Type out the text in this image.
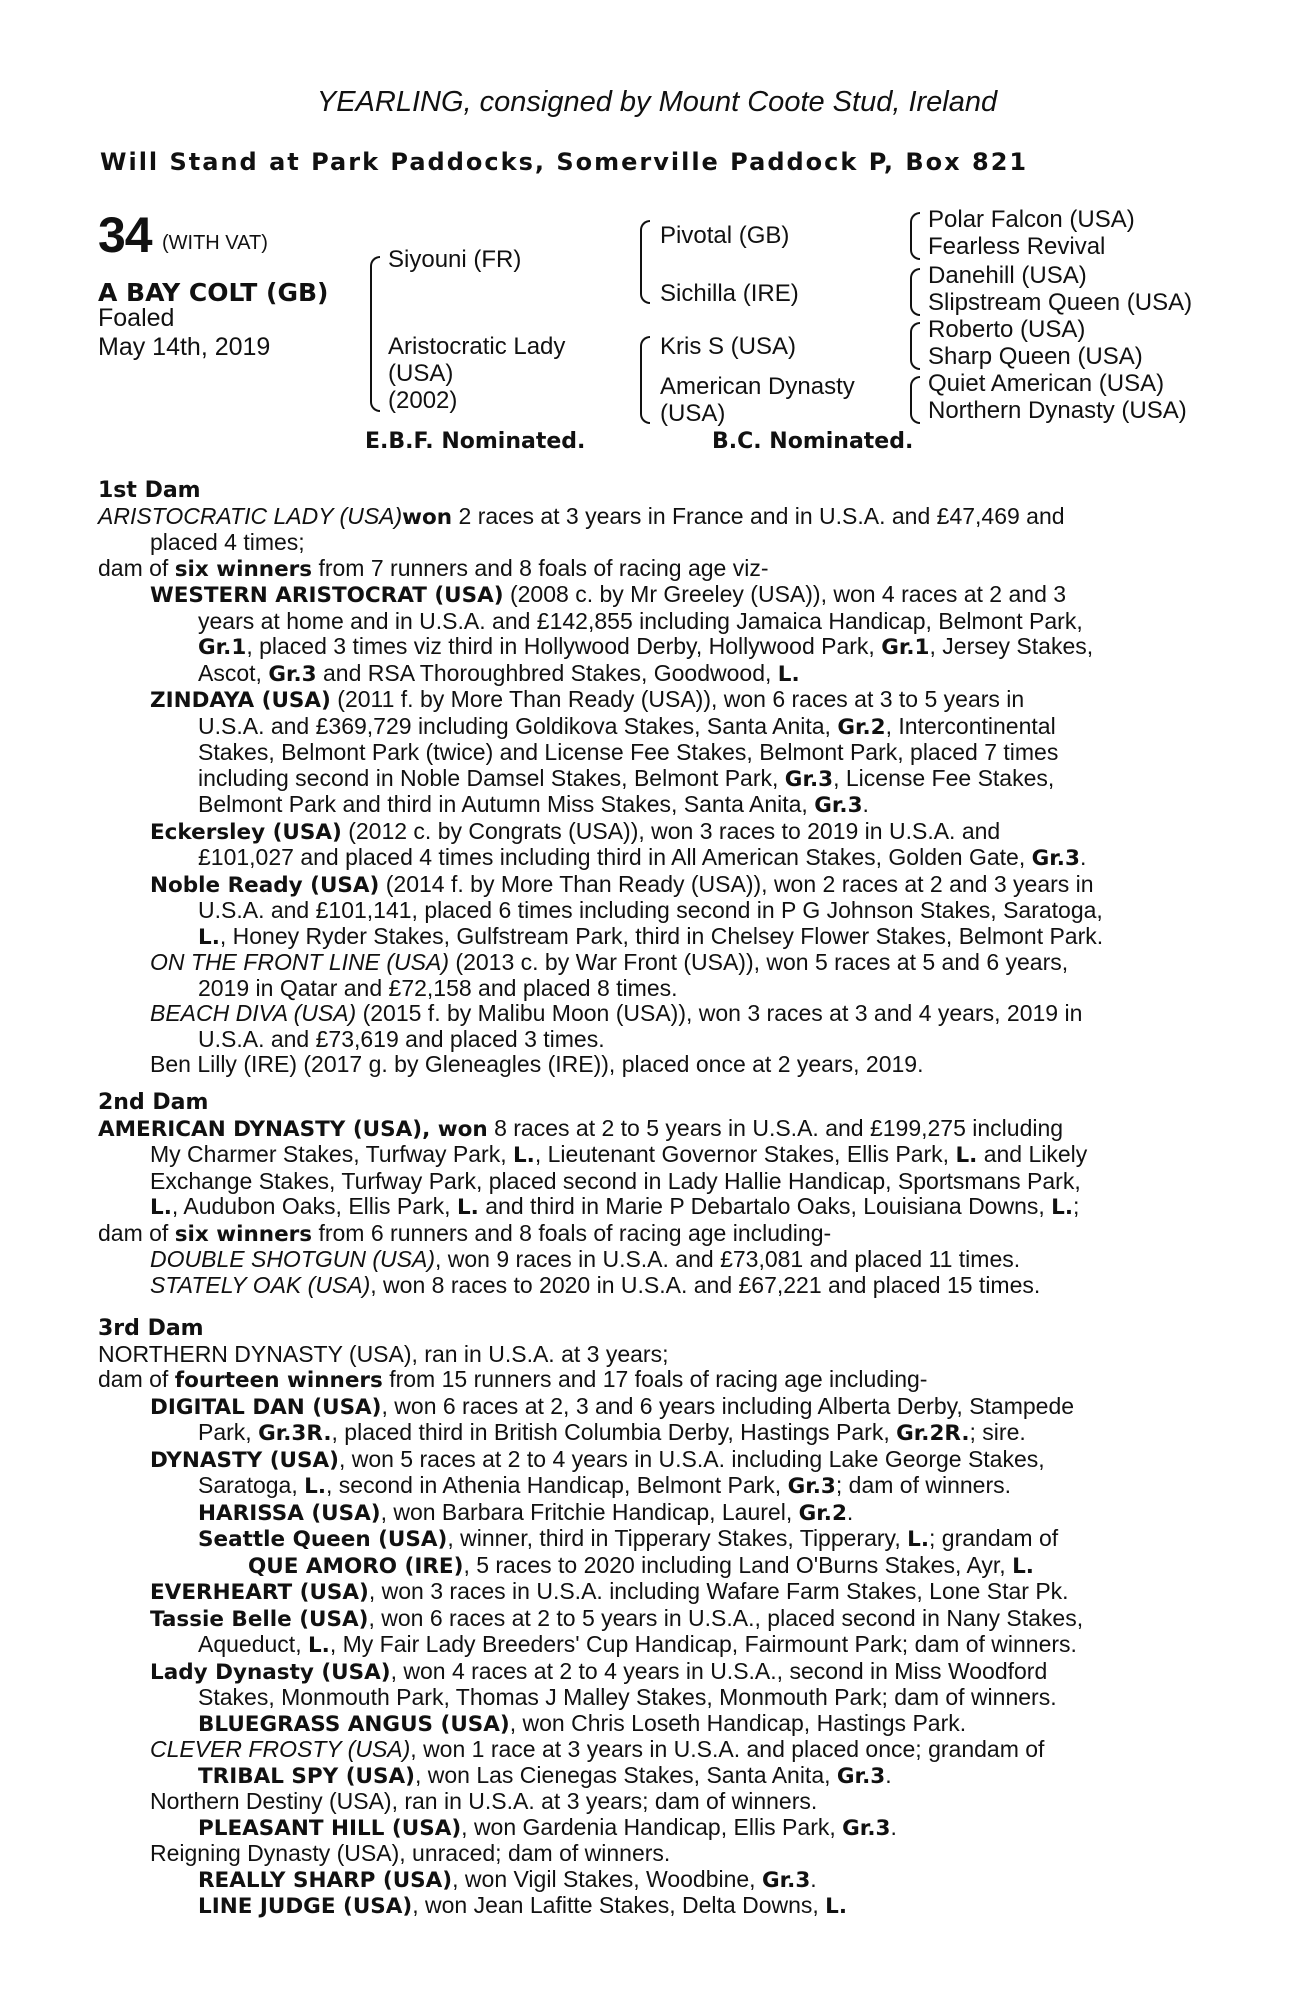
YEARLING, consigned by Mount Coote Stud, Ireland
Will Stand at Park Paddocks, Somerville Paddock P, Box 821
34 (WITH VAT)
A BAY COLT (GB)
Foaled
May 14th, 2019
Siyouni (FR)
Aristocratic Lady
(USA)
(2002)
Pivotal (GB)
Sichilla (IRE)
Kris S (USA)
American Dynasty
(USA)
Polar Falcon (USA)
Fearless Revival
Danehill (USA)
Slipstream Queen (USA)
Roberto (USA)
Sharp Queen (USA)
Quiet American (USA)
Northern Dynasty (USA)
E.B.F. Nominated.	B.C. Nominated.
1st Dam
ARISTOCRATIC LADY (USA)won 2 races at 3 years in France and in U.S.A. and £47,469 and
placed 4 times;
dam of six winners from 7 runners and 8 foals of racing age viz-
WESTERN ARISTOCRAT (USA) (2008 c. by Mr Greeley (USA)), won 4 races at 2 and 3
years at home and in U.S.A. and £142,855 including Jamaica Handicap, Belmont Park,
Gr.1, placed 3 times viz third in Hollywood Derby, Hollywood Park, Gr.1, Jersey Stakes,
Ascot, Gr.3 and RSA Thoroughbred Stakes, Goodwood, L.
ZINDAYA (USA) (2011 f. by More Than Ready (USA)), won 6 races at 3 to 5 years in
U.S.A. and £369,729 including Goldikova Stakes, Santa Anita, Gr.2, Intercontinental
Stakes, Belmont Park (twice) and License Fee Stakes, Belmont Park, placed 7 times
including second in Noble Damsel Stakes, Belmont Park, Gr.3, License Fee Stakes,
Belmont Park and third in Autumn Miss Stakes, Santa Anita, Gr.3.
Eckersley (USA) (2012 c. by Congrats (USA)), won 3 races to 2019 in U.S.A. and
£101,027 and placed 4 times including third in All American Stakes, Golden Gate, Gr.3.
Noble Ready (USA) (2014 f. by More Than Ready (USA)), won 2 races at 2 and 3 years in
U.S.A. and £101,141, placed 6 times including second in P G Johnson Stakes, Saratoga,
L., Honey Ryder Stakes, Gulfstream Park, third in Chelsey Flower Stakes, Belmont Park.
ON THE FRONT LINE (USA) (2013 c. by War Front (USA)), won 5 races at 5 and 6 years,
2019 in Qatar and £72,158 and placed 8 times.
BEACH DIVA (USA) (2015 f. by Malibu Moon (USA)), won 3 races at 3 and 4 years, 2019 in
U.S.A. and £73,619 and placed 3 times.
Ben Lilly (IRE) (2017 g. by Gleneagles (IRE)), placed once at 2 years, 2019.
2nd Dam
AMERICAN DYNASTY (USA), won 8 races at 2 to 5 years in U.S.A. and £199,275 including
My Charmer Stakes, Turfway Park, L., Lieutenant Governor Stakes, Ellis Park, L. and Likely
Exchange Stakes, Turfway Park, placed second in Lady Hallie Handicap, Sportsmans Park,
L., Audubon Oaks, Ellis Park, L. and third in Marie P Debartalo Oaks, Louisiana Downs, L.;
dam of six winners from 6 runners and 8 foals of racing age including-
DOUBLE SHOTGUN (USA), won 9 races in U.S.A. and £73,081 and placed 11 times.
STATELY OAK (USA), won 8 races to 2020 in U.S.A. and £67,221 and placed 15 times.
3rd Dam
NORTHERN DYNASTY (USA), ran in U.S.A. at 3 years;
dam of fourteen winners from 15 runners and 17 foals of racing age including-
DIGITAL DAN (USA), won 6 races at 2, 3 and 6 years including Alberta Derby, Stampede
Park, Gr.3R., placed third in British Columbia Derby, Hastings Park, Gr.2R.; sire.
DYNASTY (USA), won 5 races at 2 to 4 years in U.S.A. including Lake George Stakes,
Saratoga, L., second in Athenia Handicap, Belmont Park, Gr.3; dam of winners.
HARISSA (USA), won Barbara Fritchie Handicap, Laurel, Gr.2.
Seattle Queen (USA), winner, third in Tipperary Stakes, Tipperary, L.; grandam of
QUE AMORO (IRE), 5 races to 2020 including Land O'Burns Stakes, Ayr, L.
EVERHEART (USA), won 3 races in U.S.A. including Wafare Farm Stakes, Lone Star Pk.
Tassie Belle (USA), won 6 races at 2 to 5 years in U.S.A., placed second in Nany Stakes,
Aqueduct, L., My Fair Lady Breeders' Cup Handicap, Fairmount Park; dam of winners.
Lady Dynasty (USA), won 4 races at 2 to 4 years in U.S.A., second in Miss Woodford
Stakes, Monmouth Park, Thomas J Malley Stakes, Monmouth Park; dam of winners.
BLUEGRASS ANGUS (USA), won Chris Loseth Handicap, Hastings Park.
CLEVER FROSTY (USA), won 1 race at 3 years in U.S.A. and placed once; grandam of
TRIBAL SPY (USA), won Las Cienegas Stakes, Santa Anita, Gr.3.
Northern Destiny (USA), ran in U.S.A. at 3 years; dam of winners.
PLEASANT HILL (USA), won Gardenia Handicap, Ellis Park, Gr.3.
Reigning Dynasty (USA), unraced; dam of winners.
REALLY SHARP (USA), won Vigil Stakes, Woodbine, Gr.3.
LINE JUDGE (USA), won Jean Lafitte Stakes, Delta Downs, L.
